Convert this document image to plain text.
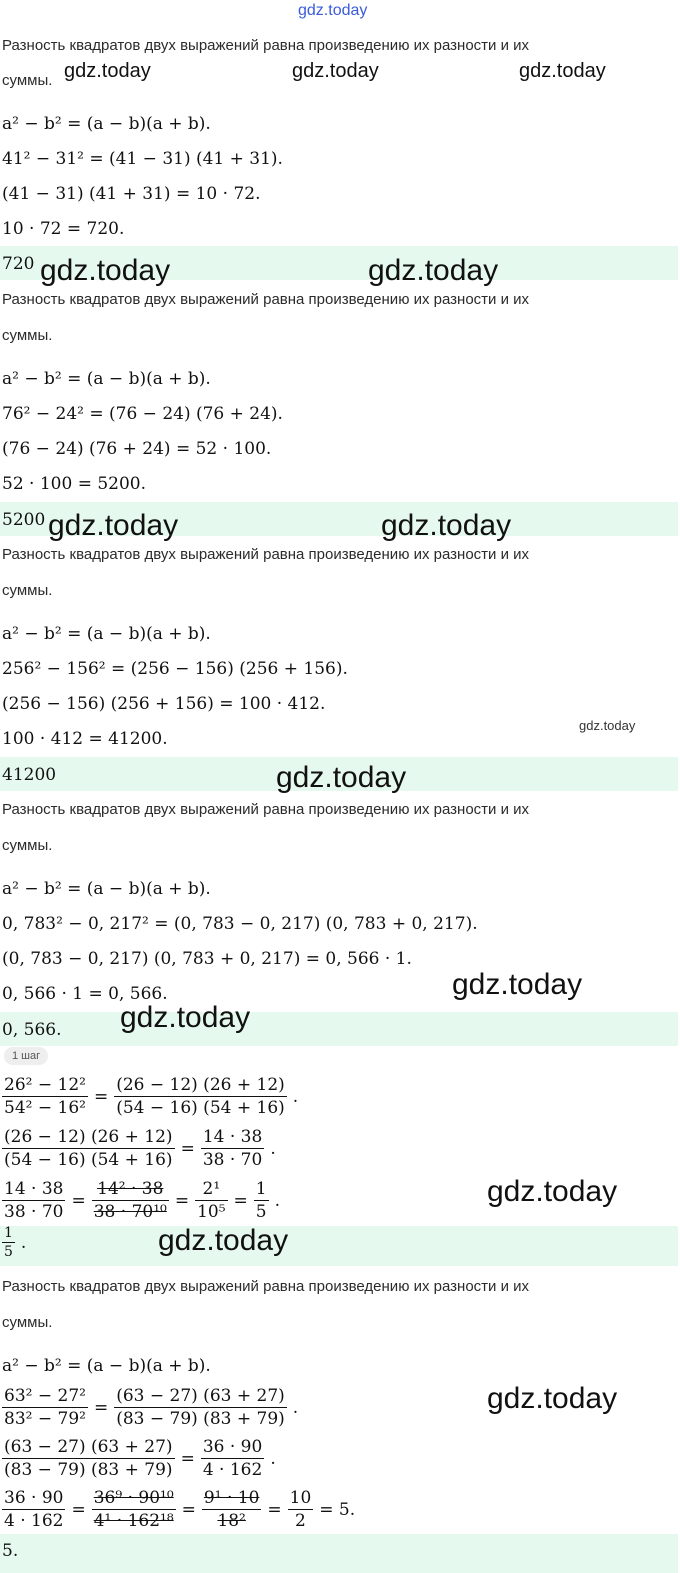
gdz.today
Разность квадратов двух выражений равна произведению их разности и их
суммы. gdz.today	gdz.today	gdz.today
a² − b² = (a − b)(a + b).
41² − 31² = (41 − 31) (41 + 31).
(41 − 31) (41 + 31) = 10 · 72.
10 · 72 = 720.
720 gdz.today	gdz.today
Разность квадратов двух выражений равна произведению их разности и их
суммы.
a² − b² = (a − b)(a + b).
76² − 24² = (76 − 24) (76 + 24).
(76 − 24) (76 + 24) = 52 · 100.
52 · 100 = 5200.
5200 gdz.today	gdz.today
Разность квадратов двух выражений равна произведению их разности и их
суммы.
a² − b² = (a − b)(a + b).
256² − 156² = (256 − 156) (256 + 156).
(256 − 156) (256 + 156) = 100 · 412.
100 · 412 = 41200.
gdz.today
41200	gdz.today
Разность квадратов двух выражений равна произведению их разности и их
суммы.
a² − b² = (a − b)(a + b).
0, 783² − 0, 217² = (0, 783 − 0, 217) (0, 783 + 0, 217).
(0, 783 − 0, 217) (0, 783 + 0, 217) = 0, 566 · 1.
0, 566 · 1 = 0, 566.	gdz.today
0, 566. gdz.today
1 шаг
$\frac{\text{26² − 12²}}{\text{54² − 16²}} = \frac{(26 - 12) (26 + 12)}{(54 - 16) (54 + 16)}$ .
$\frac{(26 - 12) (26 + 12)}{(54 - 16) (54 + 16)} = \frac{14 \cdot 38}{38 \cdot 70}$ .
$\frac{14 \cdot 38}{38 \cdot 70} = \frac{\text{14² · 38}}{\text{38 · 70¹⁰}} = \frac{\text{2¹}}{\text{10⁵}} = \frac{1}{5}$ .	gdz.today
$\frac{1}{5}$ .	gdz.today
Разность квадратов двух выражений равна произведению их разности и их
суммы.
a² − b² = (a − b)(a + b).
$\frac{\text{63² − 27²}}{\text{83² − 79²}} = \frac{(63 - 27) (63 + 27)}{(83 - 79) (83 + 79)}$ .	gdz.today
$\frac{(63 - 27) (63 + 27)}{(83 - 79) (83 + 79)} = \frac{36 \cdot 90}{4 \cdot 162}$ .
$\frac{36 \cdot 90}{4 \cdot 162} = \frac{\text{36⁹ · 90¹⁰}}{\text{4¹ · 162¹⁸}} = \frac{\text{9¹ · 10}}{\text{18²}} = \frac{10}{2} = 5$.
5.
